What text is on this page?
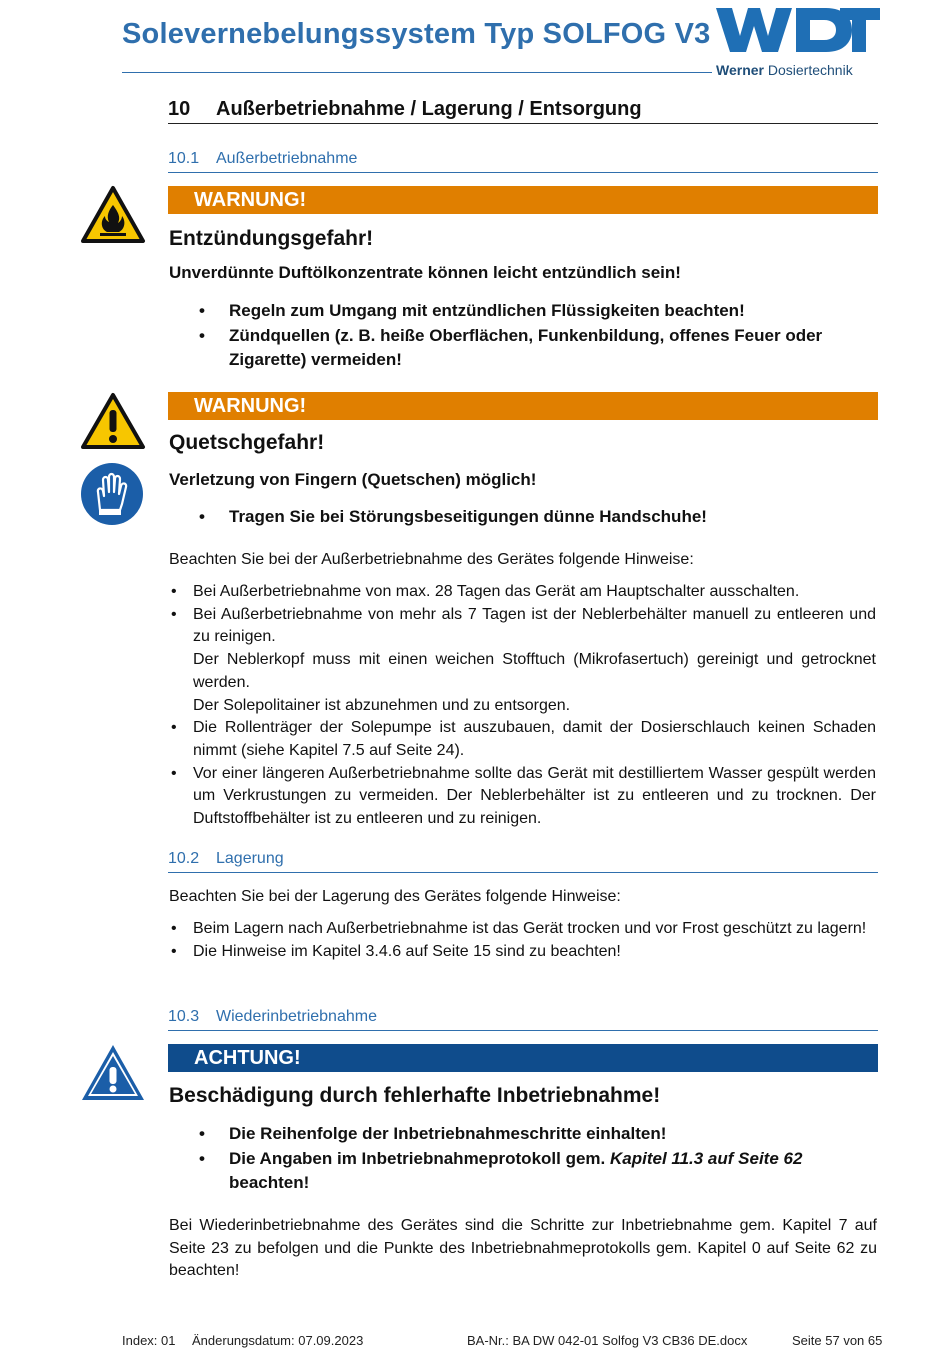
Solevernebelungssystem Typ SOLFOG V3
Werner Dosiertechnik
10 Außerbetriebnahme / Lagerung / Entsorgung
10.1 Außerbetriebnahme
WARNUNG!
Entzündungsgefahr!
Unverdünnte Duftölkonzentrate können leicht entzündlich sein!
• Regeln zum Umgang mit entzündlichen Flüssigkeiten beachten!
• Zündquellen (z. B. heiße Oberflächen, Funkenbildung, offenes Feuer oder Zigarette) vermeiden!
WARNUNG!
Quetschgefahr!
Verletzung von Fingern (Quetschen) möglich!
• Tragen Sie bei Störungsbeseitigungen dünne Handschuhe!
Beachten Sie bei der Außerbetriebnahme des Gerätes folgende Hinweise:
• Bei Außerbetriebnahme von max. 28 Tagen das Gerät am Hauptschalter ausschalten.
• Bei Außerbetriebnahme von mehr als 7 Tagen ist der Neblerbehälter manuell zu entleeren und zu reinigen.
Der Neblerkopf muss mit einen weichen Stofftuch (Mikrofasertuch) gereinigt und getrocknet werden.
Der Solepolitainer ist abzunehmen und zu entsorgen.
• Die Rollenträger der Solepumpe ist auszubauen, damit der Dosierschlauch keinen Schaden nimmt (siehe Kapitel 7.5 auf Seite 24).
• Vor einer längeren Außerbetriebnahme sollte das Gerät mit destilliertem Wasser gespült werden um Verkrustungen zu vermeiden. Der Neblerbehälter ist zu entleeren und zu trocknen. Der Duftstoffbehälter ist zu entleeren und zu reinigen.
10.2 Lagerung
Beachten Sie bei der Lagerung des Gerätes folgende Hinweise:
• Beim Lagern nach Außerbetriebnahme ist das Gerät trocken und vor Frost geschützt zu lagern!
• Die Hinweise im Kapitel 3.4.6 auf Seite 15 sind zu beachten!
10.3 Wiederinbetriebnahme
ACHTUNG!
Beschädigung durch fehlerhafte Inbetriebnahme!
• Die Reihenfolge der Inbetriebnahmeschritte einhalten!
• Die Angaben im Inbetriebnahmeprotokoll gem. Kapitel 11.3 auf Seite 62 beachten!
Bei Wiederinbetriebnahme des Gerätes sind die Schritte zur Inbetriebnahme gem. Kapitel 7 auf Seite 23 zu befolgen und die Punkte des Inbetriebnahmeprotokolls gem. Kapitel 0 auf Seite 62 zu beachten!
Index: 01 Änderungsdatum: 07.09.2023	BA-Nr.: BA DW 042-01 Solfog V3 CB36 DE.docx	Seite 57 von 65
